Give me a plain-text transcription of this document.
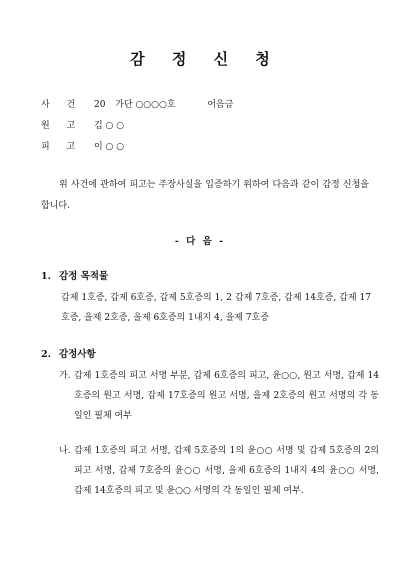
감 정 신 청
사 건 20 가단 ○○○○호	어음금
원 고 김 ○ ○
피 고 이 ○ ○
위 사건에 관하여 피고는 주장사실을 입증하기 위하여 다음과 같이 감정 신청을 합니다.
- 다 음 -
1. 감정 목적물
갑제 1호증, 갑제 6호증, 갑제 5호증의 1, 2 갑제 7호증, 갑제 14호증, 갑제 17호증, 을제 2호증, 을제 6호증의 1내지 4, 을제 7호증
2. 감정사항
가. 갑제 1호증의 피고 서명 부분, 갑제 6호증의 피고, 윤○○, 원고 서명, 갑제 14호증의 원고 서명, 갑제 17호증의 원고 서명, 을제 2호증의 원고 서명의 각 동일인 필체 여부
나. 갑제 1호증의 피고 서명, 갑제 5호증의 1의 윤○○ 서명 및 갑제 5호증의 2의 피고 서명, 갑제 7호증의 윤○○ 서명, 을제 6호증의 1내지 4의 윤○○ 서명, 갑제 14호증의 피고 및 윤○○ 서명의 각 동일인 필체 여부.
